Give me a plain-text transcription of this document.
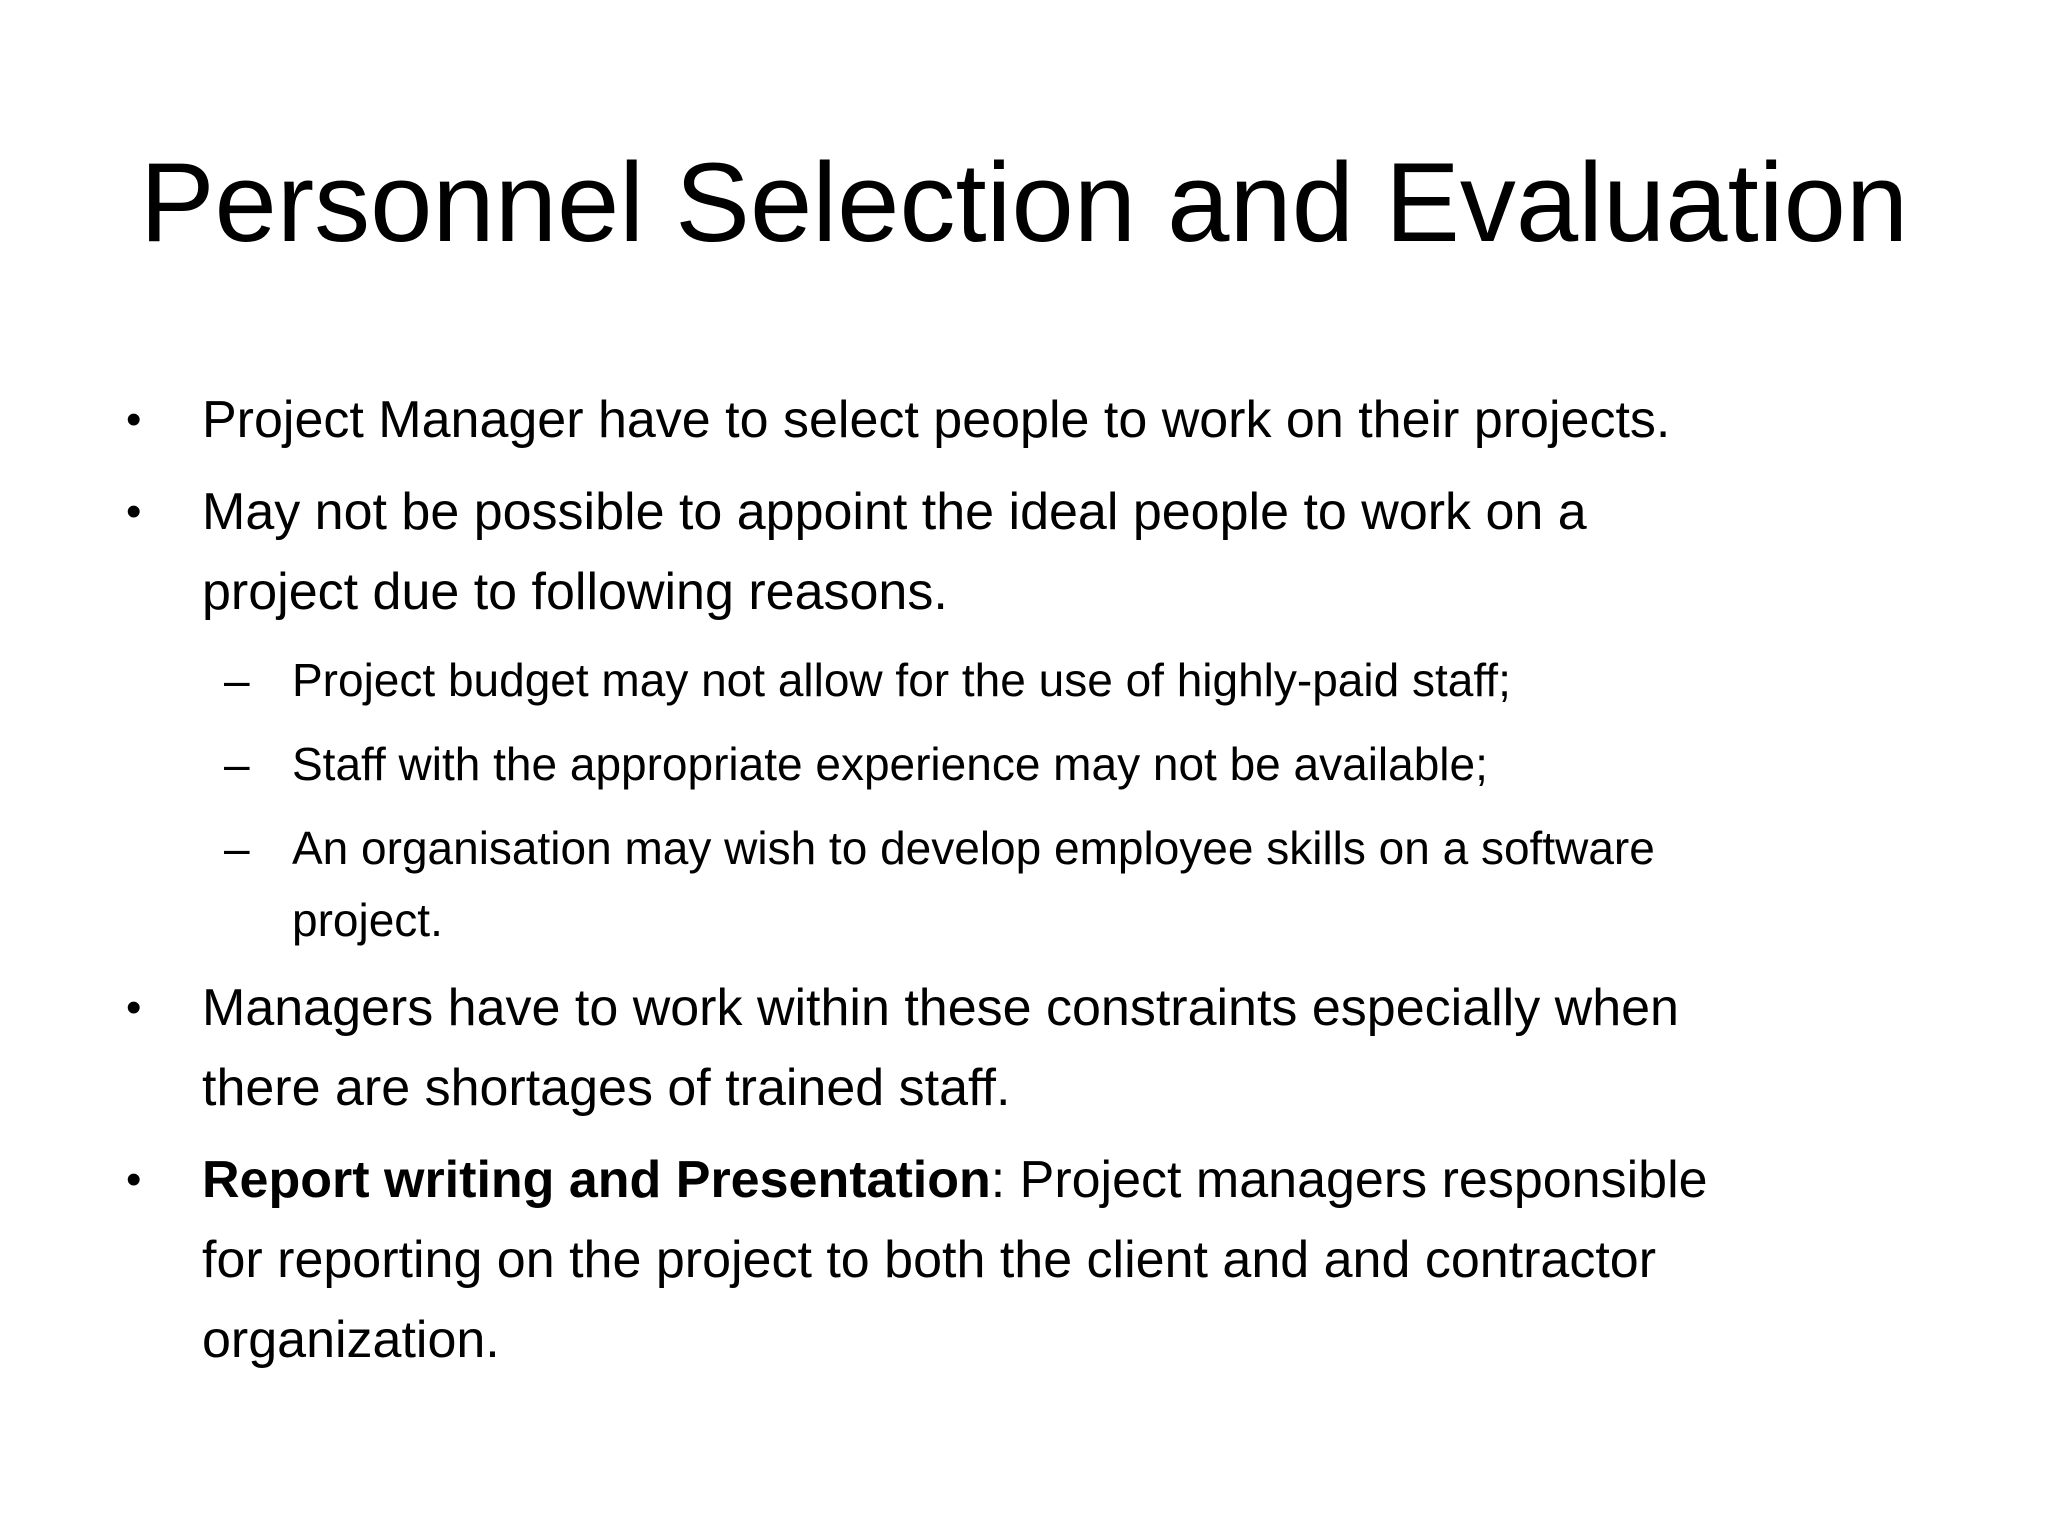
Personnel Selection and Evaluation
• Project Manager have to select people to work on their projects.
• May not be possible to appoint the ideal people to work on a
project due to following reasons.
– Project budget may not allow for the use of highly-paid staff;
– Staff with the appropriate experience may not be available;
– An organisation may wish to develop employee skills on a software
project.
• Managers have to work within these constraints especially when
there are shortages of trained staff.
• Report writing and Presentation: Project managers responsible
for reporting on the project to both the client and and contractor
organization.
